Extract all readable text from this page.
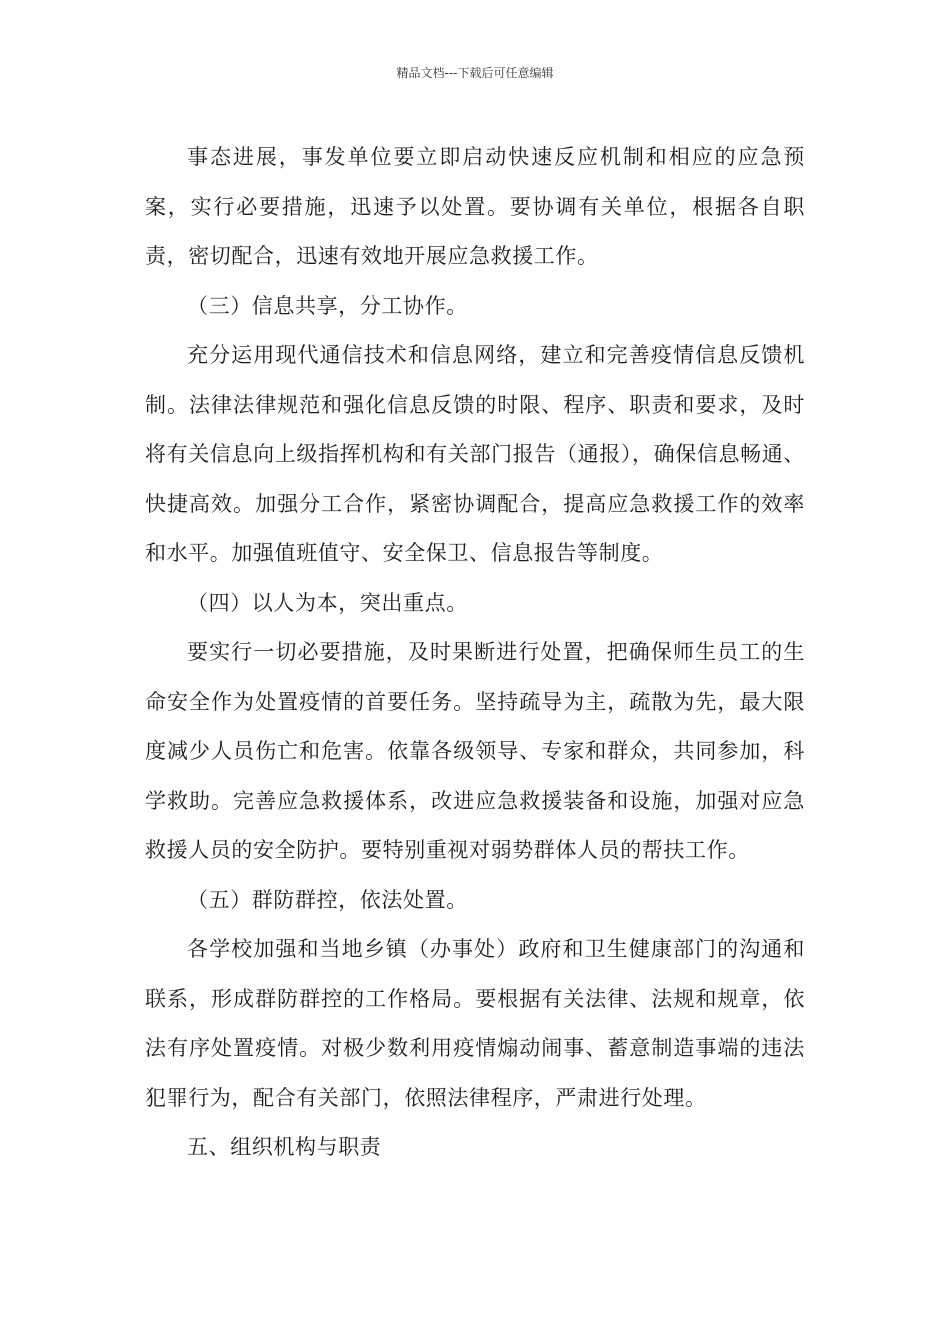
精品文档---下载后可任意编辑

事态进展，事发单位要立即启动快速反应机制和相应的应急预案，实行必要措施，迅速予以处置。要协调有关单位，根据各自职责，密切配合，迅速有效地开展应急救援工作。

（三）信息共享，分工协作。

充分运用现代通信技术和信息网络，建立和完善疫情信息反馈机制。法律法律规范和强化信息反馈的时限、程序、职责和要求，及时将有关信息向上级指挥机构和有关部门报告（通报），确保信息畅通、快捷高效。加强分工合作，紧密协调配合，提高应急救援工作的效率和水平。加强值班值守、安全保卫、信息报告等制度。

（四）以人为本，突出重点。

要实行一切必要措施，及时果断进行处置，把确保师生员工的生命安全作为处置疫情的首要任务。坚持疏导为主，疏散为先，最大限度减少人员伤亡和危害。依靠各级领导、专家和群众，共同参加，科学救助。完善应急救援体系，改进应急救援装备和设施，加强对应急救援人员的安全防护。要特别重视对弱势群体人员的帮扶工作。

（五）群防群控，依法处置。

各学校加强和当地乡镇（办事处）政府和卫生健康部门的沟通和联系，形成群防群控的工作格局。要根据有关法律、法规和规章，依法有序处置疫情。对极少数利用疫情煽动闹事、蓄意制造事端的违法犯罪行为，配合有关部门，依照法律程序，严肃进行处理。

五、组织机构与职责
